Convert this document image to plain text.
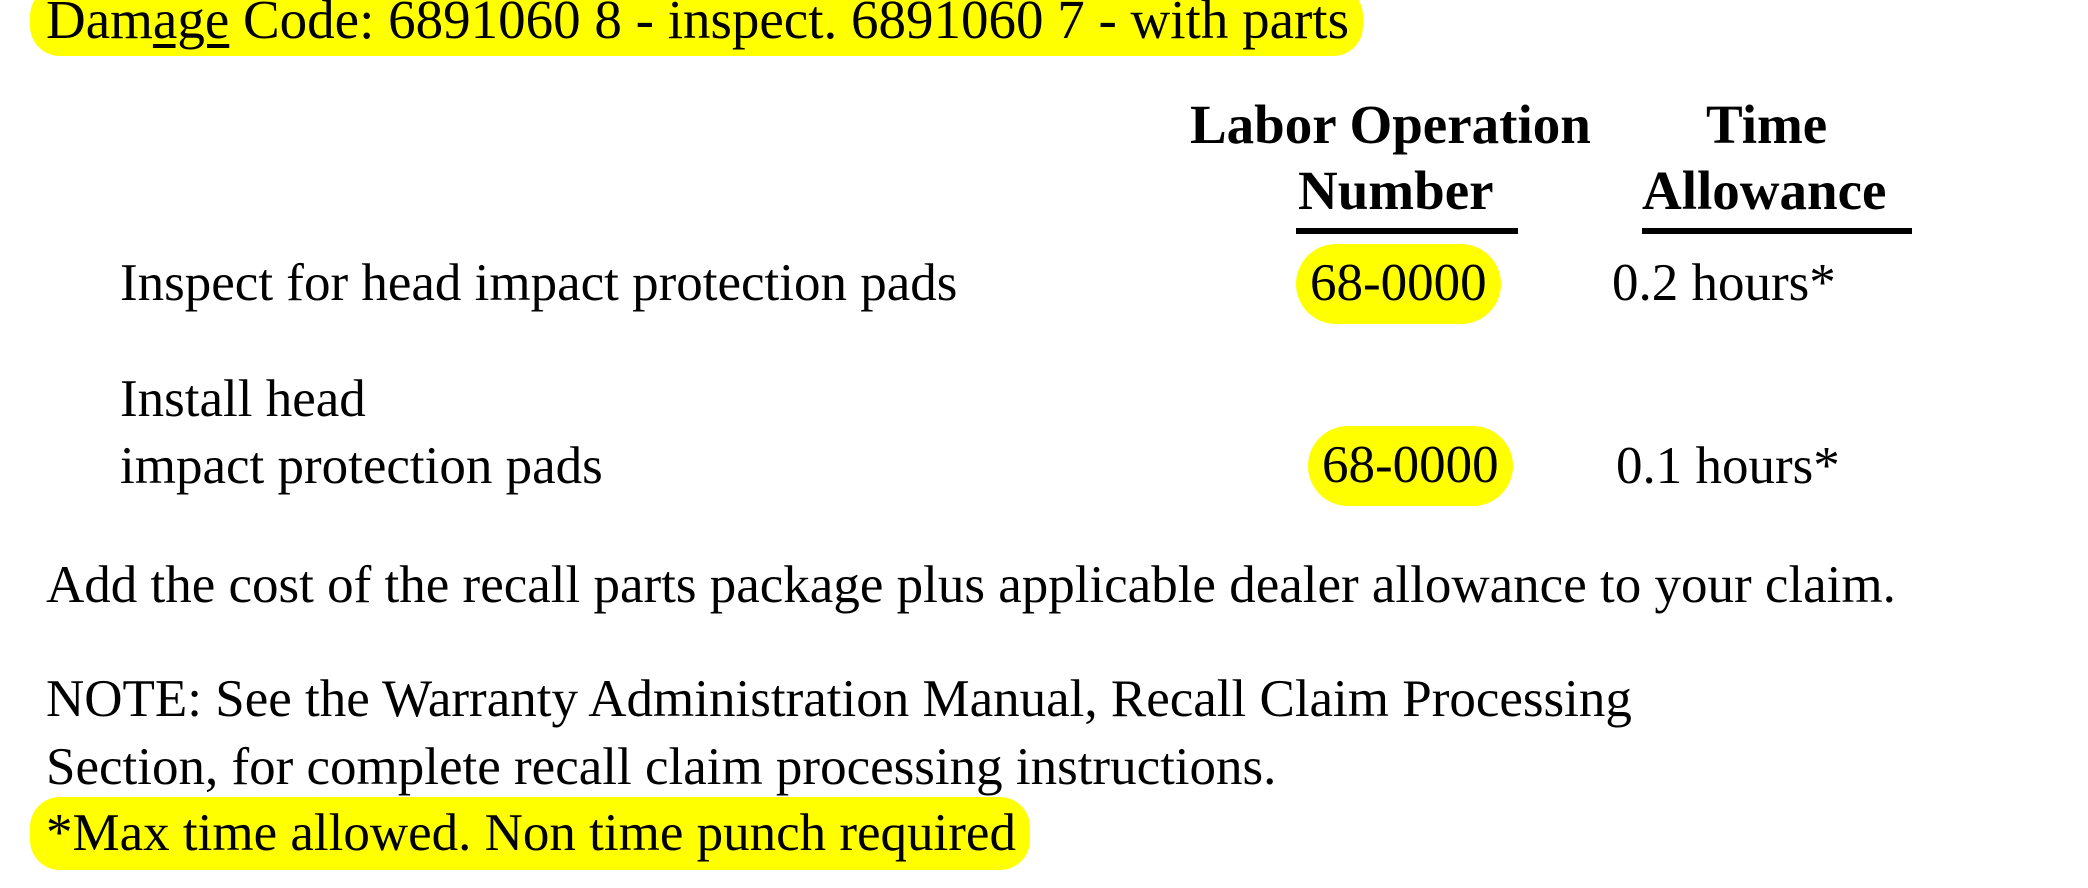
Damage Code: 6891060 8 - inspect. 6891060 7 - with parts
Labor Operation
Number
Time
Allowance
Inspect for head impact protection pads	68-0000 0.2 hours*
Install head
impact protection pads	68-0000 0.1 hours*
Add the cost of the recall parts package plus applicable dealer allowance to your claim.
NOTE: See the Warranty Administration Manual, Recall Claim Processing
Section, for complete recall claim processing instructions.
*Max time allowed. Non time punch required
